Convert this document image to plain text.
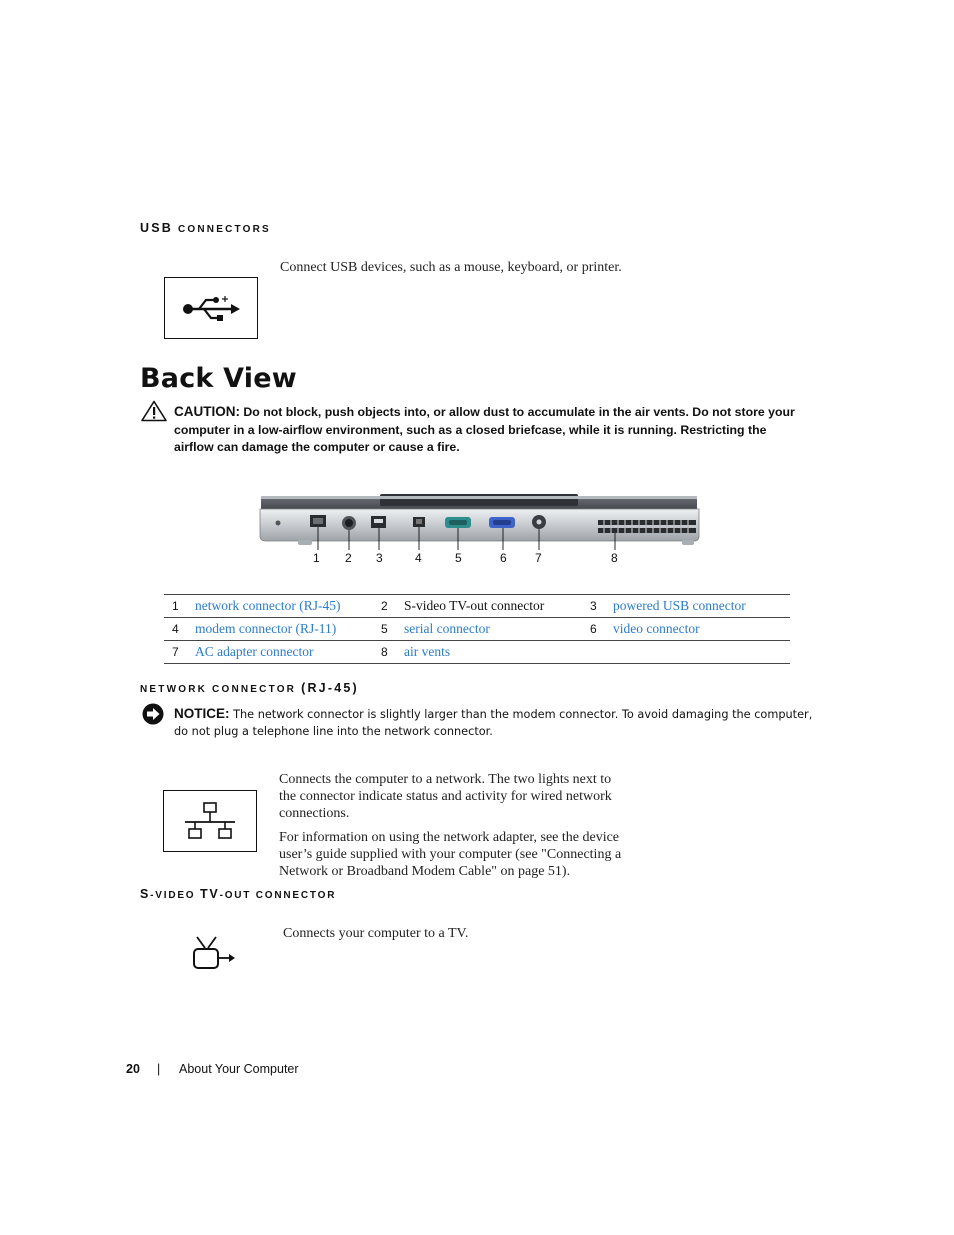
USB CONNECTORS
Connect USB devices, such as a mouse, keyboard, or printer.
Back View
CAUTION: Do not block, push objects into, or allow dust to accumulate in the air vents. Do not store your computer in a low-airflow environment, such as a closed briefcase, while it is running. Restricting the airflow can damage the computer or cause a fire.
1 2 3	4	5	6 7	8
1	network connector (RJ-45)	2	S-video TV-out connector	3	powered USB connector
4	modem connector (RJ-11)	5	serial connector	6	video connector
7	AC adapter connector	8	air vents		
NETWORK CONNECTOR (RJ-45)
NOTICE: The network connector is slightly larger than the modem connector. To avoid damaging the computer, do not plug a telephone line into the network connector.
Connects the computer to a network. The two lights next to the connector indicate status and activity for wired network connections.
For information on using the network adapter, see the device user’s guide supplied with your computer (see "Connecting a Network or Broadband Modem Cable" on page 51).
S-VIDEO TV-OUT CONNECTOR
Connects your computer to a TV.
20 | About Your Computer
